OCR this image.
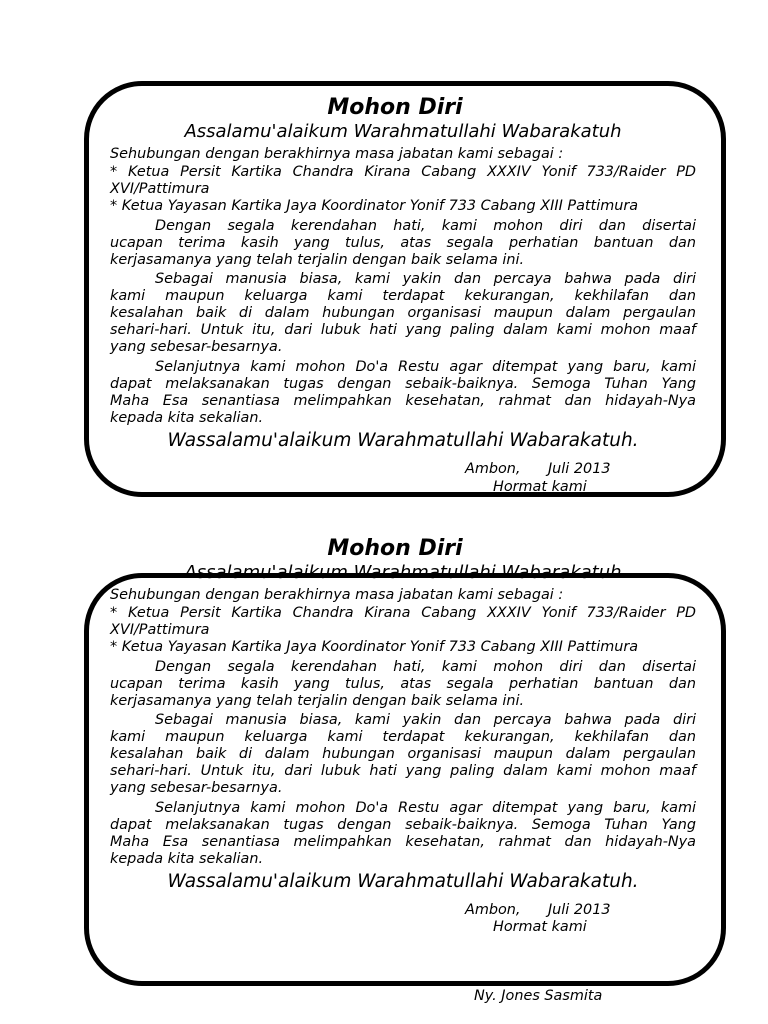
Mohon Diri

Assalamu'alaikum Warahmatullahi Wabarakatuh

Sehubungan dengan berakhirnya masa jabatan kami sebagai :

* Ketua Persit Kartika Chandra Kirana Cabang XXXIV Yonif 733/Raider PD

XVI/Pattimura

* Ketua Yayasan Kartika Jaya Koordinator Yonif 733 Cabang XIII Pattimura

Dengan segala kerendahan hati, kami mohon diri dan disertai

ucapan terima kasih yang tulus, atas segala perhatian bantuan dan

kerjasamanya yang telah terjalin dengan baik selama ini.

Sebagai manusia biasa, kami yakin dan percaya bahwa pada diri

kami maupun keluarga kami terdapat kekurangan, kekhilafan dan

kesalahan baik di dalam hubungan organisasi maupun dalam pergaulan

sehari-hari. Untuk itu, dari lubuk hati yang paling dalam kami mohon maaf

yang sebesar-besarnya.

Selanjutnya kami mohon Do'a Restu agar ditempat yang baru, kami

dapat melaksanakan tugas dengan sebaik-baiknya. Semoga Tuhan Yang

Maha Esa senantiasa melimpahkan kesehatan, rahmat dan hidayah-Nya

kepada kita sekalian.

Wassalamu'alaikum Warahmatullahi Wabarakatuh.

Ambon,      Juli 2013

Hormat kami

Mohon Diri

Assalamu'alaikum Warahmatullahi Wabarakatuh

Sehubungan dengan berakhirnya masa jabatan kami sebagai :

* Ketua Persit Kartika Chandra Kirana Cabang XXXIV Yonif 733/Raider PD

XVI/Pattimura

* Ketua Yayasan Kartika Jaya Koordinator Yonif 733 Cabang XIII Pattimura

Dengan segala kerendahan hati, kami mohon diri dan disertai

ucapan terima kasih yang tulus, atas segala perhatian bantuan dan

kerjasamanya yang telah terjalin dengan baik selama ini.

Sebagai manusia biasa, kami yakin dan percaya bahwa pada diri

kami maupun keluarga kami terdapat kekurangan, kekhilafan dan

kesalahan baik di dalam hubungan organisasi maupun dalam pergaulan

sehari-hari. Untuk itu, dari lubuk hati yang paling dalam kami mohon maaf

yang sebesar-besarnya.

Selanjutnya kami mohon Do'a Restu agar ditempat yang baru, kami

dapat melaksanakan tugas dengan sebaik-baiknya. Semoga Tuhan Yang

Maha Esa senantiasa melimpahkan kesehatan, rahmat dan hidayah-Nya

kepada kita sekalian.

Wassalamu'alaikum Warahmatullahi Wabarakatuh.

Ambon,      Juli 2013

Hormat kami

Ny. Jones Sasmita
